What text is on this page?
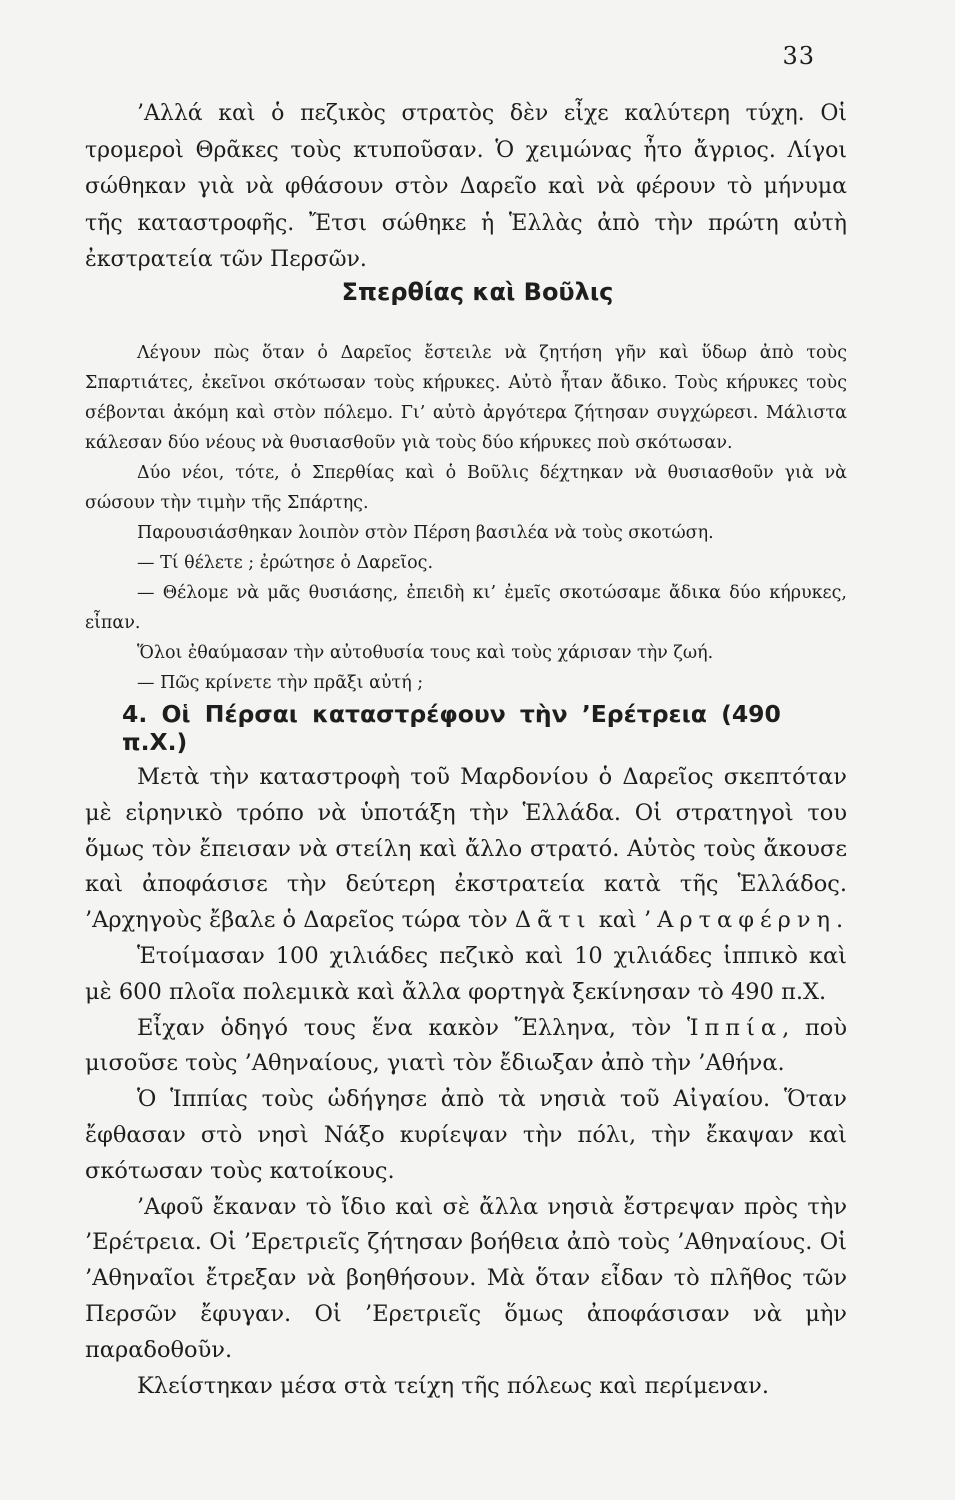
33

’Αλλά καὶ ὁ πεζικὸς στρατὸς δὲν εἶχε καλύτερη τύχη. Οἱ τρομεροὶ Θρᾶκες τοὺς κτυποῦσαν. Ὁ χειμώνας ἦτο ἄγριος. Λίγοι σώθηκαν γιὰ νὰ φθάσουν στὸν Δαρεῖο καὶ νὰ φέρουν τὸ μήνυμα τῆς καταστροφῆς. Ἔτσι σώθηκε ἡ Ἑλλὰς ἀπὸ τὴν πρώτη αὐτὴ ἐκστρατεία τῶν Περσῶν.

Σπερθίας καὶ Βοῦλις

Λέγουν πὼς ὅταν ὁ Δαρεῖος ἔστειλε νὰ ζητήση γῆν καὶ ὕδωρ ἀπὸ τοὺς Σπαρτιάτες, ἐκεῖνοι σκότωσαν τοὺς κήρυκες. Αὐτὸ ἦταν ἄδικο. Τοὺς κήρυκες τοὺς σέβονται ἀκόμη καὶ στὸν πόλεμο. Γι’ αὐτὸ ἀργότερα ζήτησαν συγχώρεσι. Μάλιστα κάλεσαν δύο νέους νὰ θυσιασθοῦν γιὰ τοὺς δύο κήρυκες ποὺ σκότωσαν.

Δύο νέοι, τότε, ὁ Σπερθίας καὶ ὁ Βοῦλις δέχτηκαν νὰ θυσιασθοῦν γιὰ νὰ σώσουν τὴν τιμὴν τῆς Σπάρτης.

Παρουσιάσθηκαν λοιπὸν στὸν Πέρση βασιλέα νὰ τοὺς σκοτώση.

— Τί θέλετε ; ἐρώτησε ὁ Δαρεῖος.

— Θέλομε νὰ μᾶς θυσιάσης, ἐπειδὴ κι’ ἐμεῖς σκοτώσαμε ἄδικα δύο κήρυκες, εἶπαν.

Ὅλοι ἐθαύμασαν τὴν αὐτοθυσία τους καὶ τοὺς χάρισαν τὴν ζωή.

— Πῶς κρίνετε τὴν πρᾶξι αὐτή ;

4. Οἱ Πέρσαι καταστρέφουν τὴν ’Ερέτρεια (490 π.Χ.)

Μετὰ τὴν καταστροφὴ τοῦ Μαρδονίου ὁ Δαρεῖος σκεπτόταν μὲ εἰρηνικὸ τρόπο νὰ ὑποτάξη τὴν Ἑλλάδα. Οἱ στρατηγοὶ του ὅμως τὸν ἔπεισαν νὰ στείλη καὶ ἄλλο στρατό. Αὐτὸς τοὺς ἄκουσε καὶ ἀποφάσισε τὴν δεύτερη ἐκστρατεία κατὰ τῆς Ἑλλάδος. ’Αρχηγοὺς ἔβαλε ὁ Δαρεῖος τώρα τὸν Δᾶτι καὶ ’Αρταφέρνη.

Ἑτοίμασαν 100 χιλιάδες πεζικὸ καὶ 10 χιλιάδες ἱππικὸ καὶ μὲ 600 πλοῖα πολεμικὰ καὶ ἄλλα φορτηγὰ ξεκίνησαν τὸ 490 π.Χ.

Εἶχαν ὁδηγό τους ἕνα κακὸν Ἕλληνα, τὸν Ἱππία, ποὺ μισοῦσε τοὺς ’Αθηναίους, γιατὶ τὸν ἔδιωξαν ἀπὸ τὴν ’Αθήνα.

Ὁ Ἱππίας τοὺς ὡδήγησε ἀπὸ τὰ νησιὰ τοῦ Αἰγαίου. Ὅταν ἔφθασαν στὸ νησὶ Νάξο κυρίεψαν τὴν πόλι, τὴν ἔκαψαν καὶ σκότωσαν τοὺς κατοίκους.

’Αφοῦ ἔκαναν τὸ ἴδιο καὶ σὲ ἄλλα νησιὰ ἔστρεψαν πρὸς τὴν ’Ερέτρεια. Οἱ ’Ερετριεῖς ζήτησαν βοήθεια ἀπὸ τοὺς ’Αθηναίους. Οἱ ’Αθηναῖοι ἔτρεξαν νὰ βοηθήσουν. Μὰ ὅταν εἶδαν τὸ πλῆθος τῶν Περσῶν ἔφυγαν. Οἱ ’Ερετριεῖς ὅμως ἀποφάσισαν νὰ μὴν παραδοθοῦν.

Κλείστηκαν μέσα στὰ τείχη τῆς πόλεως καὶ περίμεναν.
